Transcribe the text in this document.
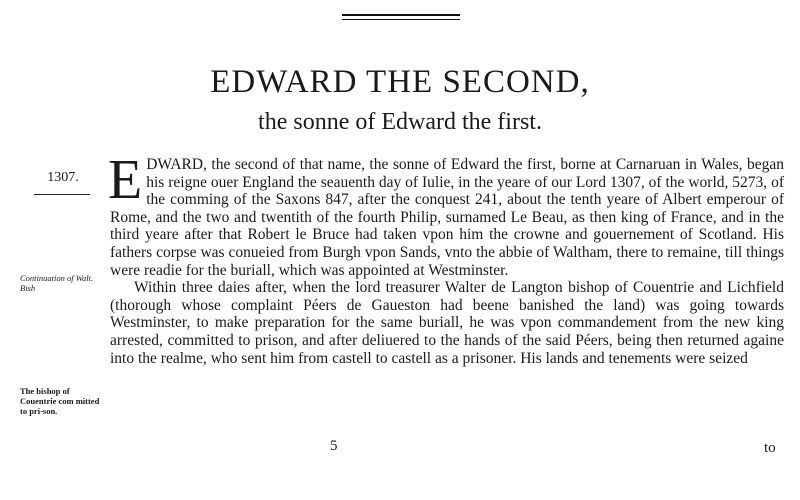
EDWARD THE SECOND,
the sonne of Edward the first.
1307.
Continuation of Walt. Bish
The bishop of Couentrie com mitted to pri-son.

EDWARD, the second of that name, the sonne of Edward the first, borne at Carnaruan in Wales, began his reigne ouer England the seauenth day of Iulie, in the yeare of our Lord 1307, of the world, 5273, of the comming of the Saxons 847, after the conquest 241, about the tenth yeare of Albert emperour of Rome, and the two and twentith of the fourth Philip, surnamed Le Beau, as then king of France, and in the third yeare after that Robert le Bruce had taken vpon him the crowne and gouernement of Scotland. His fathers corpse was conueied from Burgh vpon Sands, vnto the abbie of Waltham, there to remaine, till things were readie for the buriall, which was appointed at Westminster.

Within three daies after, when the lord treasurer Walter de Langton bishop of Couentrie and Lichfield (thorough whose complaint Péers de Gaueston had beene banished the land) was going towards Westminster, to make preparation for the same buriall, he was vpon commandement from the new king arrested, committed to prison, and after deliuered to the hands of the said Péers, being then returned againe into the realme, who sent him from castell to castell as a prisoner. His lands and tenements were seized

5	to
